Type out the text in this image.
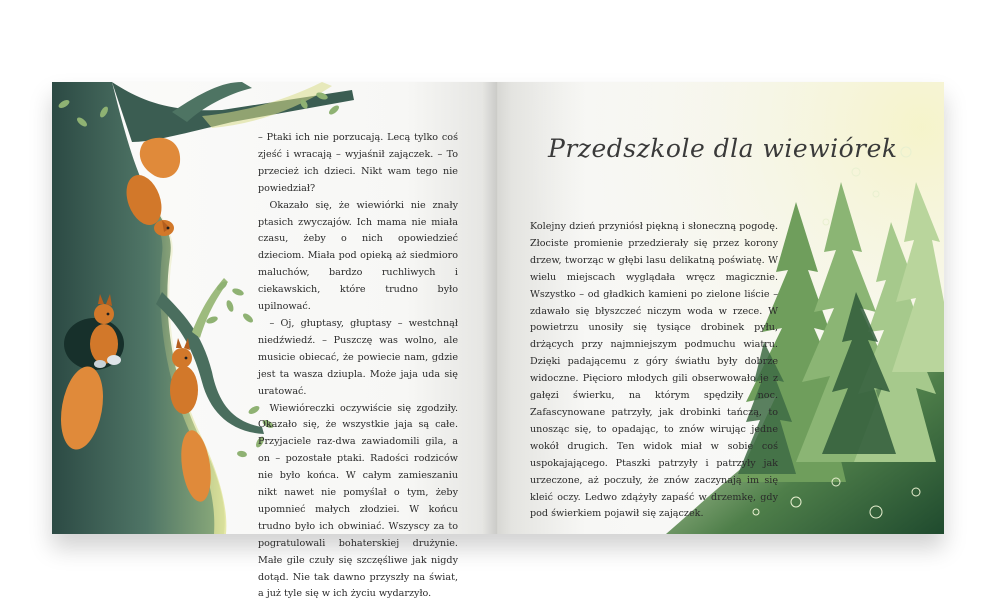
– Ptaki ich nie porzucają. Lecą tylko coś zjeść i wracają – wyjaśnił zajączek. – To przecież ich dzieci. Nikt wam tego nie powiedział?

Okazało się, że wiewiórki nie znały ptasich zwyczajów. Ich mama nie miała czasu, żeby o nich opowiedzieć dzieciom. Miała pod opieką aż siedmioro maluchów, bardzo ruchliwych i ciekawskich, które trudno było upilnować.

– Oj, głuptasy, głuptasy – westchnął niedźwiedź. – Puszczę was wolno, ale musicie obiecać, że powiecie nam, gdzie jest ta wasza dziupla. Może jaja uda się uratować.

Wiewióreczki oczywiście się zgodziły. Okazało się, że wszystkie jaja są całe. Przyjaciele raz-dwa zawiadomili gila, a on – pozostałe ptaki. Radości rodziców nie było końca. W całym zamieszaniu nikt nawet nie pomyślał o tym, żeby upomnieć małych złodziei. W końcu trudno było ich obwiniać. Wszyscy za to pogratulowali bohaterskiej drużynie. Małe gile czuły się szczęśliwe jak nigdy dotąd. Nie tak dawno przyszły na świat, a już tyle się w ich życiu wydarzyło.

Przedszkole dla wiewiórek

Kolejny dzień przyniósł piękną i słoneczną pogodę. Złociste promienie przedzierały się przez korony drzew, tworząc w głębi lasu delikatną poświatę. W wielu miejscach wyglądała wręcz magicznie. Wszystko – od gładkich kamieni po zielone liście – zdawało się błyszczeć niczym woda w rzece. W powietrzu unosiły się tysiące drobinek pyłu, drżących przy najmniejszym podmuchu wiatru. Dzięki padającemu z góry światłu były dobrze widoczne. Pięcioro młodych gili obserwowało je z gałęzi świerku, na którym spędziły noc. Zafascynowane patrzyły, jak drobinki tańczą, to unosząc się, to opadając, to znów wirując jedne wokół drugich. Ten widok miał w sobie coś uspokajającego. Ptaszki patrzyły i patrzyły jak urzeczone, aż poczuły, że znów zaczynają im się kleić oczy. Ledwo zdążyły zapaść w drzemkę, gdy pod świerkiem pojawił się zajączek.
